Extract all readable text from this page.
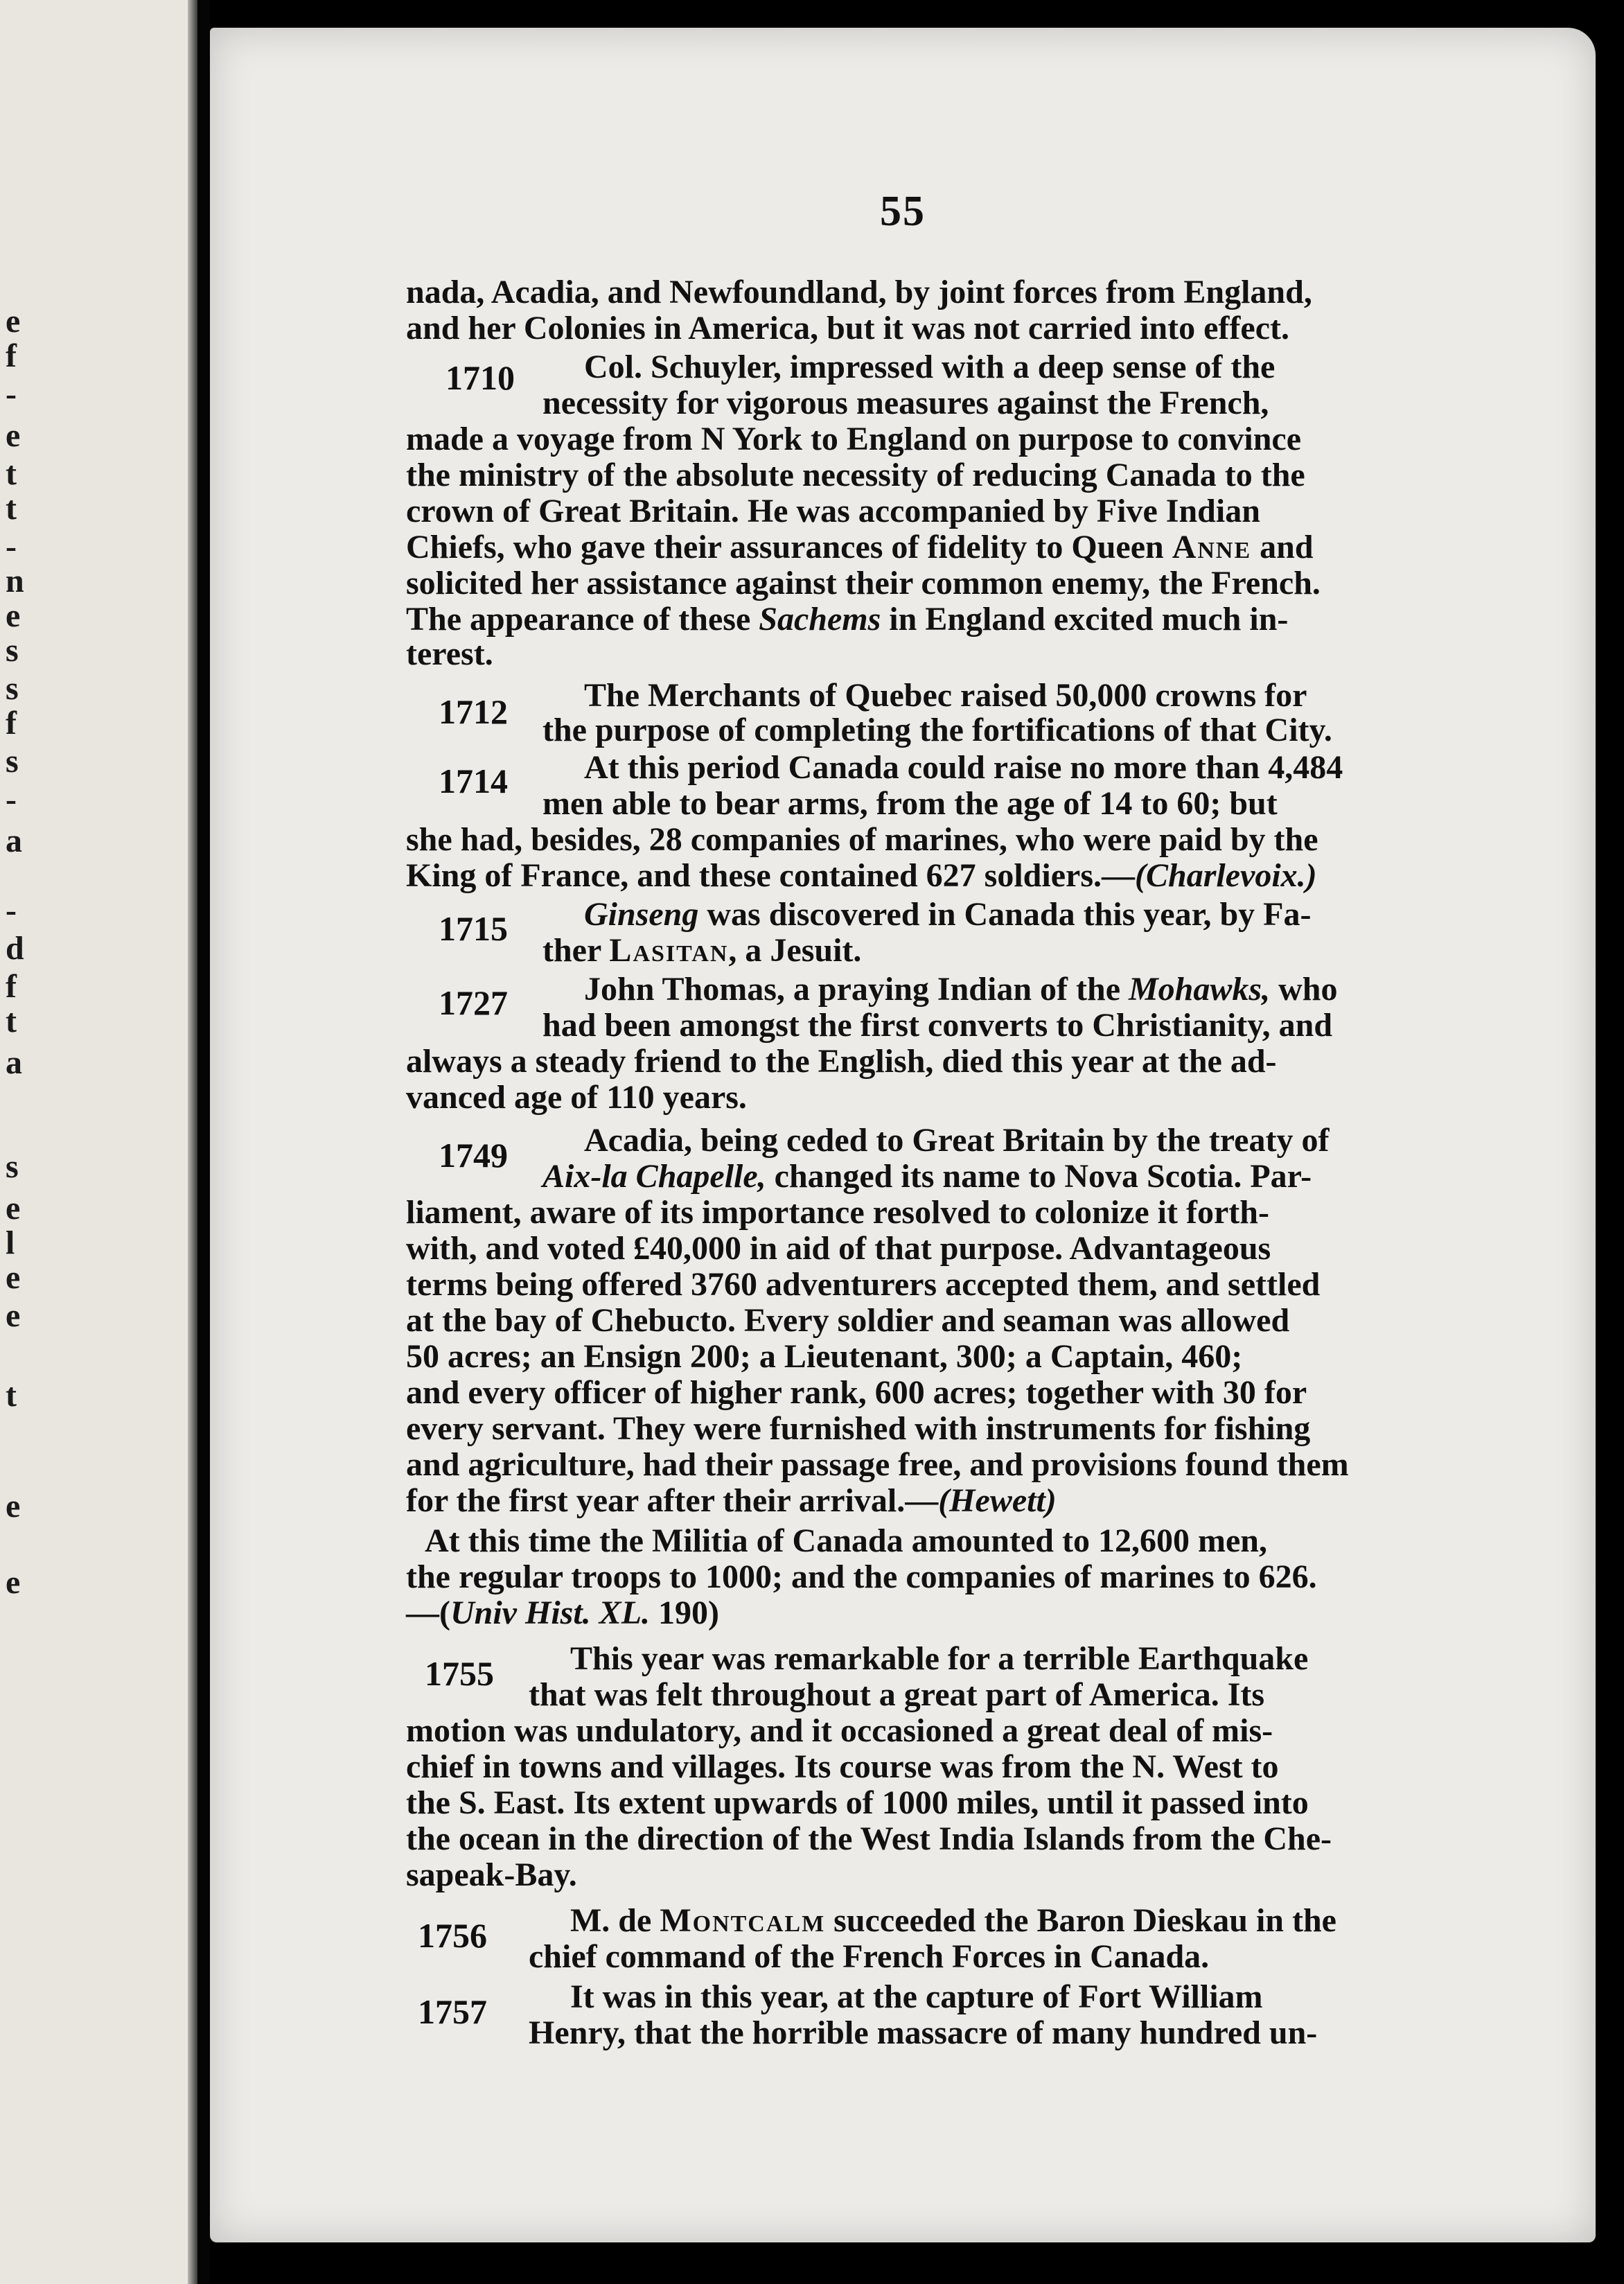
e
f
-
e
t
t
-
n
e
s
s
f
s
-
a
-
d
f
t
a
s
e
l
e
e
t
e
e
55
nada, Acadia, and Newfoundland, by joint forces from England,
and her Colonies in America, but it was not carried into effect.
1710 Col. Schuyler, impressed with a deep sense of the
necessity for vigorous measures against the French,
made a voyage from N York to England on purpose to convince
the ministry of the absolute necessity of reducing Canada to the
crown of Great Britain. He was accompanied by Five Indian
Chiefs, who gave their assurances of fidelity to Queen Anne and
solicited her assistance against their common enemy, the French.
The appearance of these Sachems in England excited much in-
terest.
1712 The Merchants of Quebec raised 50,000 crowns for
the purpose of completing the fortifications of that City.
1714 At this period Canada could raise no more than 4,484
men able to bear arms, from the age of 14 to 60; but
she had, besides, 28 companies of marines, who were paid by the
King of France, and these contained 627 soldiers.—(Charlevoix.)
1715 Ginseng was discovered in Canada this year, by Fa-
ther Lasitan, a Jesuit.
1727 John Thomas, a praying Indian of the Mohawks, who
had been amongst the first converts to Christianity, and
always a steady friend to the English, died this year at the ad-
vanced age of 110 years.
1749 Acadia, being ceded to Great Britain by the treaty of
Aix-la Chapelle, changed its name to Nova Scotia. Par-
liament, aware of its importance resolved to colonize it forth-
with, and voted £40,000 in aid of that purpose. Advantageous
terms being offered 3760 adventurers accepted them, and settled
at the bay of Chebucto. Every soldier and seaman was allowed
50 acres; an Ensign 200; a Lieutenant, 300; a Captain, 460;
and every officer of higher rank, 600 acres; together with 30 for
every servant. They were furnished with instruments for fishing
and agriculture, had their passage free, and provisions found them
for the first year after their arrival.—(Hewett)
At this time the Militia of Canada amounted to 12,600 men,
the regular troops to 1000; and the companies of marines to 626.
—(Univ Hist. XL. 190)
1755 This year was remarkable for a terrible Earthquake
that was felt throughout a great part of America. Its
motion was undulatory, and it occasioned a great deal of mis-
chief in towns and villages. Its course was from the N. West to
the S. East. Its extent upwards of 1000 miles, until it passed into
the ocean in the direction of the West India Islands from the Che-
sapeak-Bay.
1756	M. de Montcalm succeeded the Baron Dieskau in the
chief command of the French Forces in Canada.
1757	It was in this year, at the capture of Fort William
Henry, that the horrible massacre of many hundred un-
